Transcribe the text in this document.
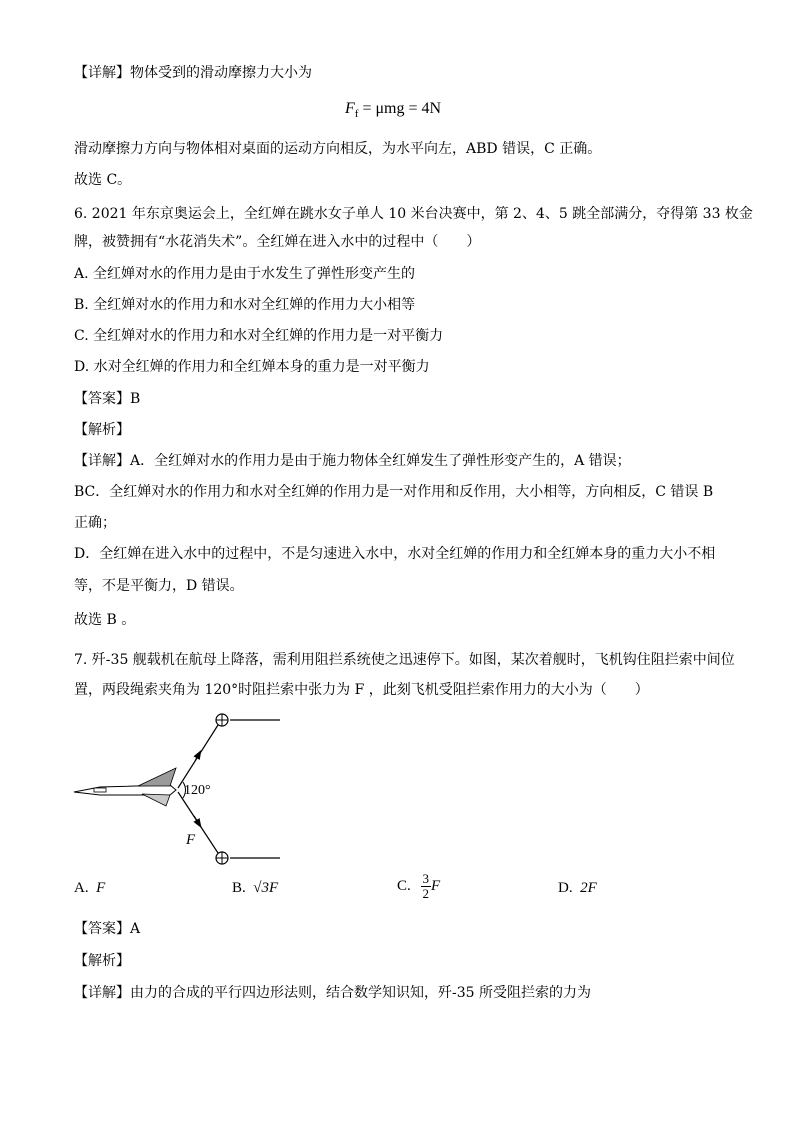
【详解】物体受到的滑动摩擦力大小为
$F_f = \mu mg = 4N$
滑动摩擦力方向与物体相对桌面的运动方向相反，为水平向左，ABD 错误，C 正确。
故选 C。
6. 2021 年东京奥运会上，全红婵在跳水女子单人 10 米台决赛中，第 2、4、5 跳全部满分，夺得第 33 枚金
牌，被赞拥有“水花消失术”。全红婵在进入水中的过程中（　　）
A. 全红婵对水的作用力是由于水发生了弹性形变产生的
B. 全红婵对水的作用力和水对全红婵的作用力大小相等
C. 全红婵对水的作用力和水对全红婵的作用力是一对平衡力
D. 水对全红婵的作用力和全红婵本身的重力是一对平衡力
【答案】B
【解析】
【详解】A．全红婵对水的作用力是由于施力物体全红婵发生了弹性形变产生的，A 错误；
BC．全红婵对水的作用力和水对全红婵的作用力是一对作用和反作用，大小相等，方向相反，C 错误 B
正确；
D．全红婵在进入水中的过程中，不是匀速进入水中，水对全红婵的作用力和全红婵本身的重力大小不相
等，不是平衡力，D 错误。
故选 B 。
7. 歼-35 舰载机在航母上降落，需利用阻拦系统使之迅速停下。如图，某次着舰时，飞机钩住阻拦索中间位
置，两段绳索夹角为 120°时阻拦索中张力为 F ，此刻飞机受阻拦索作用力的大小为（　　）
120°
F
A. F	B. √3F	C. $\frac{3}{2}$ F	D. 2F
【答案】A
【解析】
【详解】由力的合成的平行四边形法则，结合数学知识知，歼-35 所受阻拦索的力为
